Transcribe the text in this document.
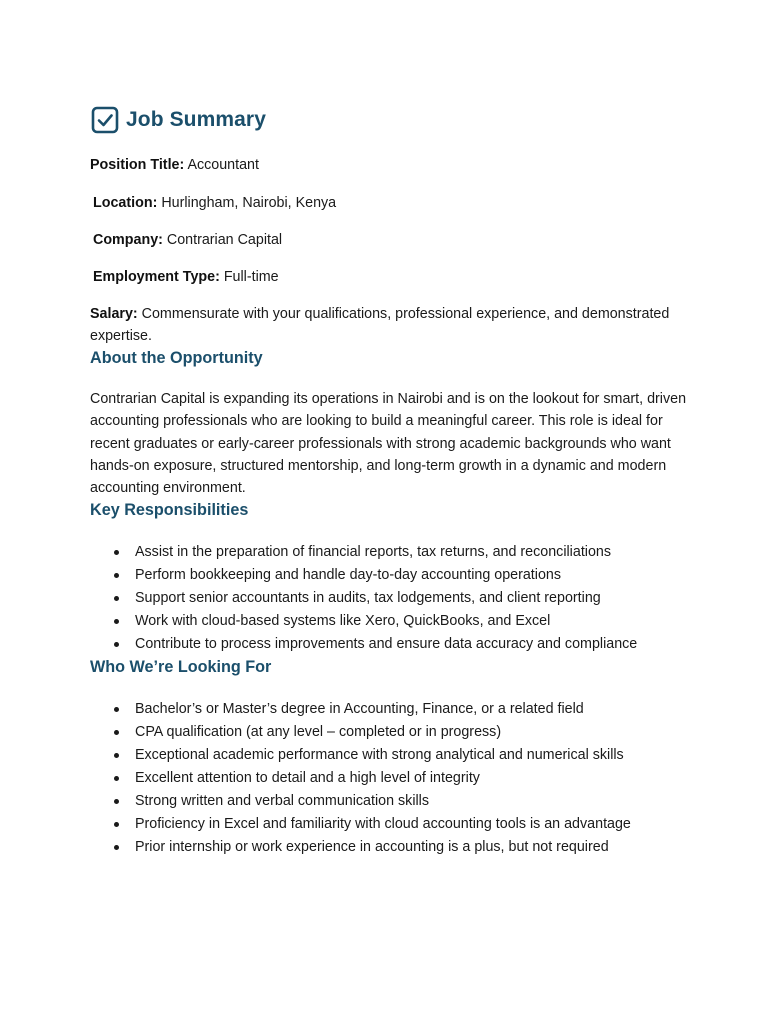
Job Summary

Position Title: Accountant

Location: Hurlingham, Nairobi, Kenya

Company: Contrarian Capital

Employment Type: Full-time

Salary: Commensurate with your qualifications, professional experience, and demonstrated expertise.

About the Opportunity

Contrarian Capital is expanding its operations in Nairobi and is on the lookout for smart, driven accounting professionals who are looking to build a meaningful career. This role is ideal for recent graduates or early-career professionals with strong academic backgrounds who want hands-on exposure, structured mentorship, and long-term growth in a dynamic and modern accounting environment.

Key Responsibilities
Assist in the preparation of financial reports, tax returns, and reconciliations
Perform bookkeeping and handle day-to-day accounting operations
Support senior accountants in audits, tax lodgements, and client reporting
Work with cloud-based systems like Xero, QuickBooks, and Excel
Contribute to process improvements and ensure data accuracy and compliance
Who We’re Looking For
Bachelor’s or Master’s degree in Accounting, Finance, or a related field
CPA qualification (at any level – completed or in progress)
Exceptional academic performance with strong analytical and numerical skills
Excellent attention to detail and a high level of integrity
Strong written and verbal communication skills
Proficiency in Excel and familiarity with cloud accounting tools is an advantage
Prior internship or work experience in accounting is a plus, but not required
